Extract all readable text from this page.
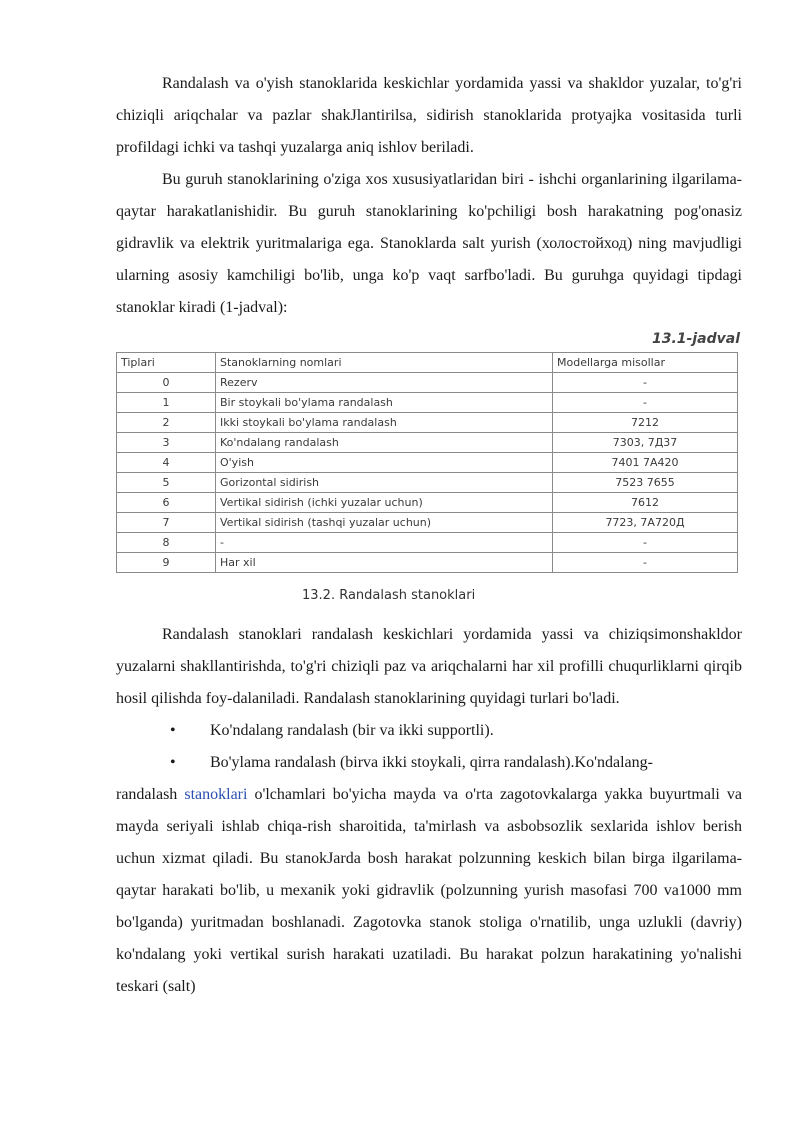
Randalash va o'yish stanoklarida keskichlar yordamida yassi va shakldor yuzalar, to'g'ri chiziqli ariqchalar va pazlar shakJlantirilsa, sidirish stanoklarida protyajka vositasida turli profildagi ichki va tashqi yuzalarga aniq ishlov beriladi.

Bu guruh stanoklarining o'ziga xos xususiyatlaridan biri - ishchi organlarining ilgarilama-qaytar harakatlanishidir. Bu guruh stanoklarining ko'pchiligi bosh harakatning pog'onasiz gidravlik va elektrik yuritmalariga ega. Stanoklarda salt yurish (холостойход) ning mavjudligi ularning asosiy kamchiligi bo'lib, unga ko'p vaqt sarfbo'ladi. Bu guruhga quyidagi tipdagi stanoklar kiradi (1-jadval):

13.1-jadval
Tiplari	Stanoklarning nomlari	Modellarga misollar
0	Rezerv	-
1	Bir stoykali bo'ylama randalash	-
2	Ikki stoykali bo'ylama randalash	7212
3	Ko'ndalang randalash	7303, 7Д37
4	O'yish	7401 7А420
5	Gorizontal sidirish	7523 7655
6	Vertikal sidirish (ichki yuzalar uchun)	7612
7	Vertikal sidirish (tashqi yuzalar uchun)	7723, 7А720Д
8	-	-
9	Har xil	-
13.2. Randalash stanoklari

Randalash stanoklari randalash keskichlari yordamida yassi va chiziqsimonshakldor yuzalarni shakllantirishda, to'g'ri chiziqli paz va ariqchalarni har xil profilli chuqurliklarni qirqib hosil qilishda foy-dalaniladi. Randalash stanoklarining quyidagi turlari bo'ladi.

• Ko'ndalang randalash (bir va ikki supportli).

• Bo'ylama randalash (birva ikki stoykali, qirra randalash).Ko'ndalang-

randalash stanoklari o'lchamlari bo'yicha mayda va o'rta zagotovkalarga yakka buyurtmali va mayda seriyali ishlab chiqa-rish sharoitida, ta'mirlash va asbobsozlik sexlarida ishlov berish uchun xizmat qiladi. Bu stanokJarda bosh harakat polzunning keskich bilan birga ilgarilama-qaytar harakati bo'lib, u mexanik yoki gidravlik (polzunning yurish masofasi 700 va1000 mm bo'lganda) yuritmadan boshlanadi. Zagotovka stanok stoliga o'rnatilib, unga uzlukli (davriy) ko'ndalang yoki vertikal surish harakati uzatiladi. Bu harakat polzun harakatining yo'nalishi teskari (salt)
